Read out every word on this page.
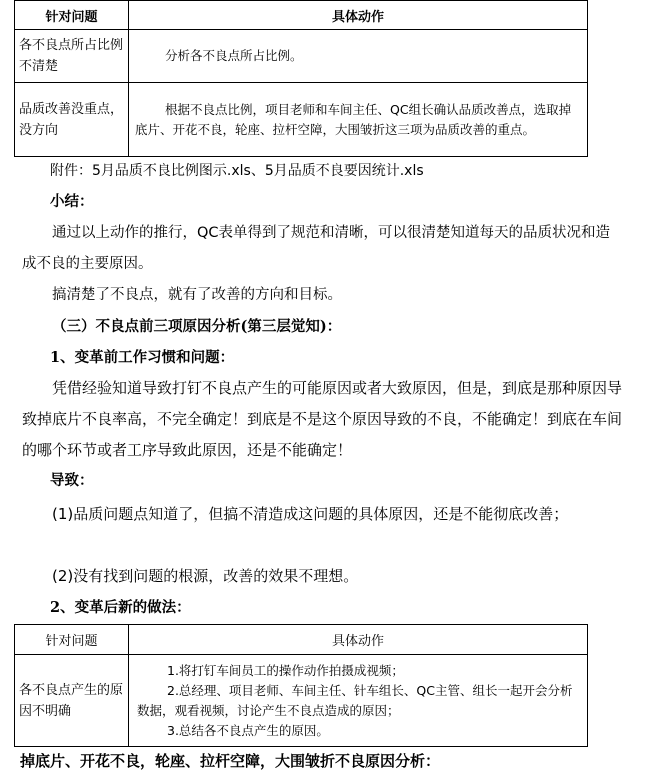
针对问题	具体动作
各不良点所占比例不清楚	分析各不良点所占比例。
品质改善没重点，没方向	根据不良点比例，项目老师和车间主任、QC组长确认品质改善点，选取掉底片、开花不良，轮座、拉杆空障，大围皱折这三项为品质改善的重点。
附件：5月品质不良比例图示.xls、5月品质不良要因统计.xls
小结：
通过以上动作的推行，QC表单得到了规范和清晰，可以很清楚知道每天的品质状况和造成不良的主要原因。
搞清楚了不良点，就有了改善的方向和目标。
（三）不良点前三项原因分析(第三层觉知)：
1、变革前工作习惯和问题：
凭借经验知道导致打钉不良点产生的可能原因或者大致原因，但是，到底是那种原因导致掉底片不良率高，不完全确定！到底是不是这个原因导致的不良，不能确定！到底在车间的哪个环节或者工序导致此原因，还是不能确定！
导致：
(1)品质问题点知道了，但搞不清造成这问题的具体原因，还是不能彻底改善；
(2)没有找到问题的根源，改善的效果不理想。
2、变革后新的做法：
针对问题	具体动作
各不良点产生的原因不明确	1.将打钉车间员工的操作动作拍摄成视频；
2.总经理、项目老师、车间主任、针车组长、QC主管、组长一起开会分析数据，观看视频，讨论产生不良点造成的原因；
3.总结各不良点产生的原因。
掉底片、开花不良，轮座、拉杆空障，大围皱折不良原因分析：
